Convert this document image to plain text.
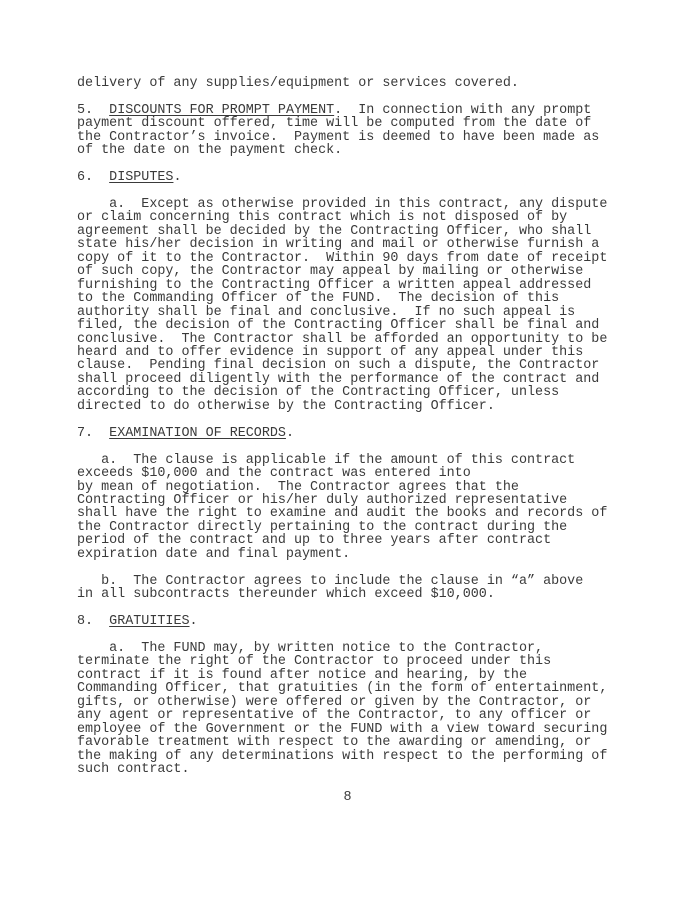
delivery of any supplies/equipment or services covered.
5. DISCOUNTS FOR PROMPT PAYMENT.  In connection with any prompt
payment discount offered, time will be computed from the date of
the Contractor’s invoice.  Payment is deemed to have been made as
of the date on the payment check.
6. DISPUTES.
a.  Except as otherwise provided in this contract, any dispute
or claim concerning this contract which is not disposed of by
agreement shall be decided by the Contracting Officer, who shall
state his/her decision in writing and mail or otherwise furnish a
copy of it to the Contractor.  Within 90 days from date of receipt
of such copy, the Contractor may appeal by mailing or otherwise
furnishing to the Contracting Officer a written appeal addressed
to the Commanding Officer of the FUND.  The decision of this
authority shall be final and conclusive.  If no such appeal is
filed, the decision of the Contracting Officer shall be final and
conclusive.  The Contractor shall be afforded an opportunity to be
heard and to offer evidence in support of any appeal under this
clause.  Pending final decision on such a dispute, the Contractor
shall proceed diligently with the performance of the contract and
according to the decision of the Contracting Officer, unless
directed to do otherwise by the Contracting Officer.
7. EXAMINATION OF RECORDS.
a.  The clause is applicable if the amount of this contract
exceeds $10,000 and the contract was entered into
by mean of negotiation.  The Contractor agrees that the
Contracting Officer or his/her duly authorized representative
shall have the right to examine and audit the books and records of
the Contractor directly pertaining to the contract during the
period of the contract and up to three years after contract
expiration date and final payment.
b.  The Contractor agrees to include the clause in “a” above
in all subcontracts thereunder which exceed $10,000.
8. GRATUITIES.
a.  The FUND may, by written notice to the Contractor,
terminate the right of the Contractor to proceed under this
contract if it is found after notice and hearing, by the
Commanding Officer, that gratuities (in the form of entertainment,
gifts, or otherwise) were offered or given by the Contractor, or
any agent or representative of the Contractor, to any officer or
employee of the Government or the FUND with a view toward securing
favorable treatment with respect to the awarding or amending, or
the making of any determinations with respect to the performing of
such contract.
8
